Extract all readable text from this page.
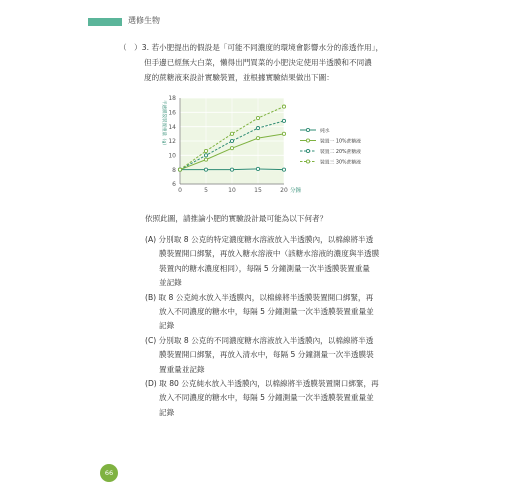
選修生物
（　）3. 若小肥提出的假設是「可能不同濃度的環境會影響水分的滲透作用」，
但手邊已經無大白菜，懶得出門買菜的小肥決定使用半透膜和不同濃
度的蔗糖液來設計實驗裝置，並根據實驗結果做出下圖：
6
8
10
12
14
16
18
0	5	10	15	20 分鐘
半透膜袋裝置重量（g）	純水
裝置一 10%蔗糖液
裝置二 20%蔗糖液
裝置三 30%蔗糖液
依照此圖，請推論小肥的實驗設計最可能為以下何者？
(A) 分別取 8 公克的特定濃度糖水溶液放入半透膜內，以棉線將半透
膜裝置開口綁緊，再放入糖水溶液中（該糖水溶液的濃度與半透膜
裝置內的糖水濃度相同），每隔 5 分鐘測量一次半透膜裝置重量
並記錄
(B) 取 8 公克純水放入半透膜內，以棉線將半透膜裝置開口綁緊，再
放入不同濃度的糖水中，每隔 5 分鐘測量一次半透膜裝置重量並
記錄
(C) 分別取 8 公克的不同濃度糖水溶液放入半透膜內，以棉線將半透
膜裝置開口綁緊，再放入清水中，每隔 5 分鐘測量一次半透膜裝
置重量並記錄
(D) 取 80 公克純水放入半透膜內，以棉線將半透膜裝置開口綁緊，再
放入不同濃度的糖水中，每隔 5 分鐘測量一次半透膜裝置重量並
記錄
66
